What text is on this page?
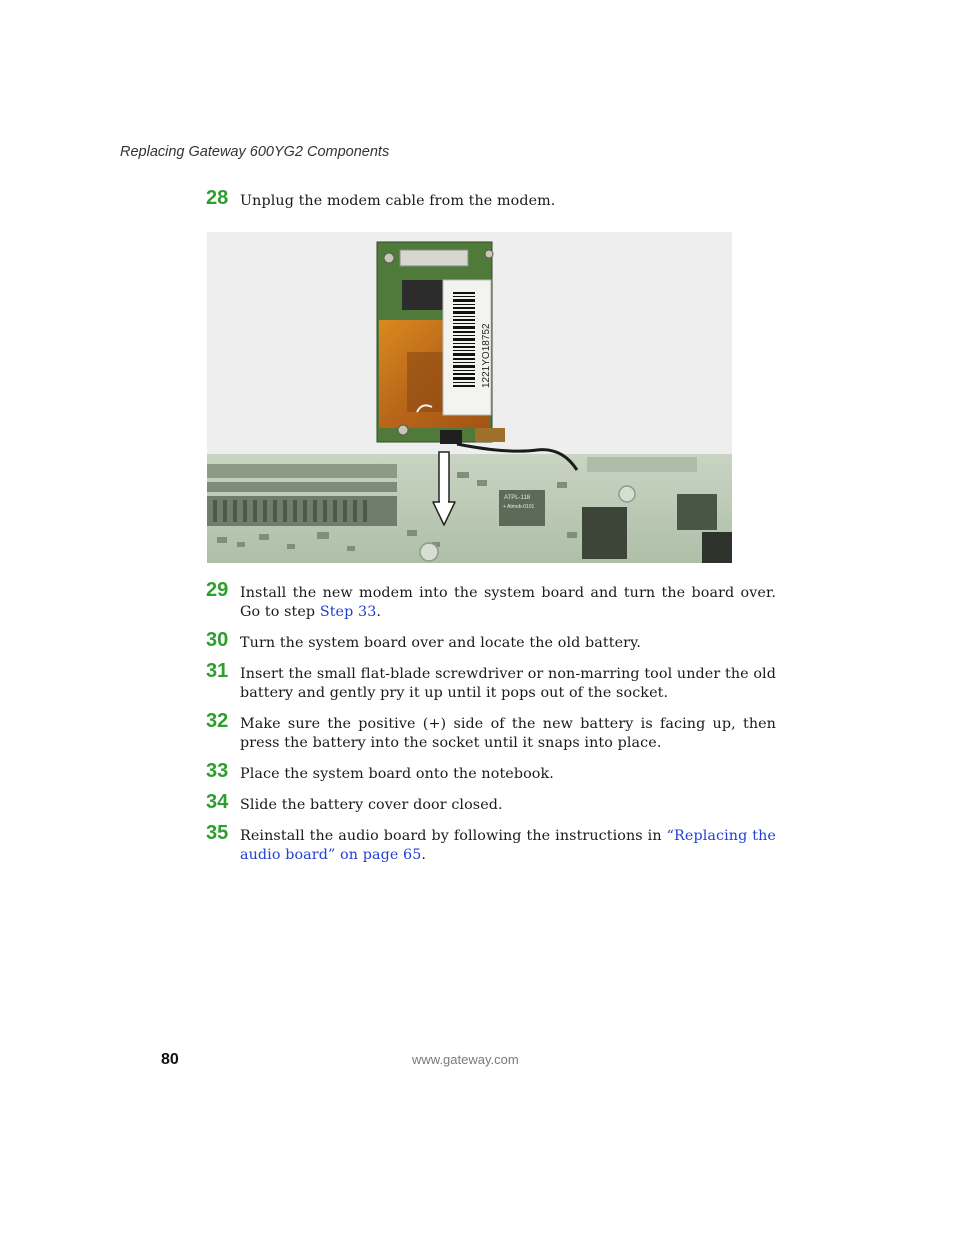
Replacing Gateway 600YG2 Components
28 Unplug the modem cable from the modem.
ATPL-118
+ Atmob-0101
1221YO18752
29 Install the new modem into the system board and turn the board over. Go to step Step 33.
30 Turn the system board over and locate the old battery.
31 Insert the small flat-blade screwdriver or non-marring tool under the old battery and gently pry it up until it pops out of the socket.
32 Make sure the positive (+) side of the new battery is facing up, then press the battery into the socket until it snaps into place.
33 Place the system board onto the notebook.
34 Slide the battery cover door closed.
35 Reinstall the audio board by following the instructions in “Replacing the audio board” on page 65.
80	www.gateway.com
